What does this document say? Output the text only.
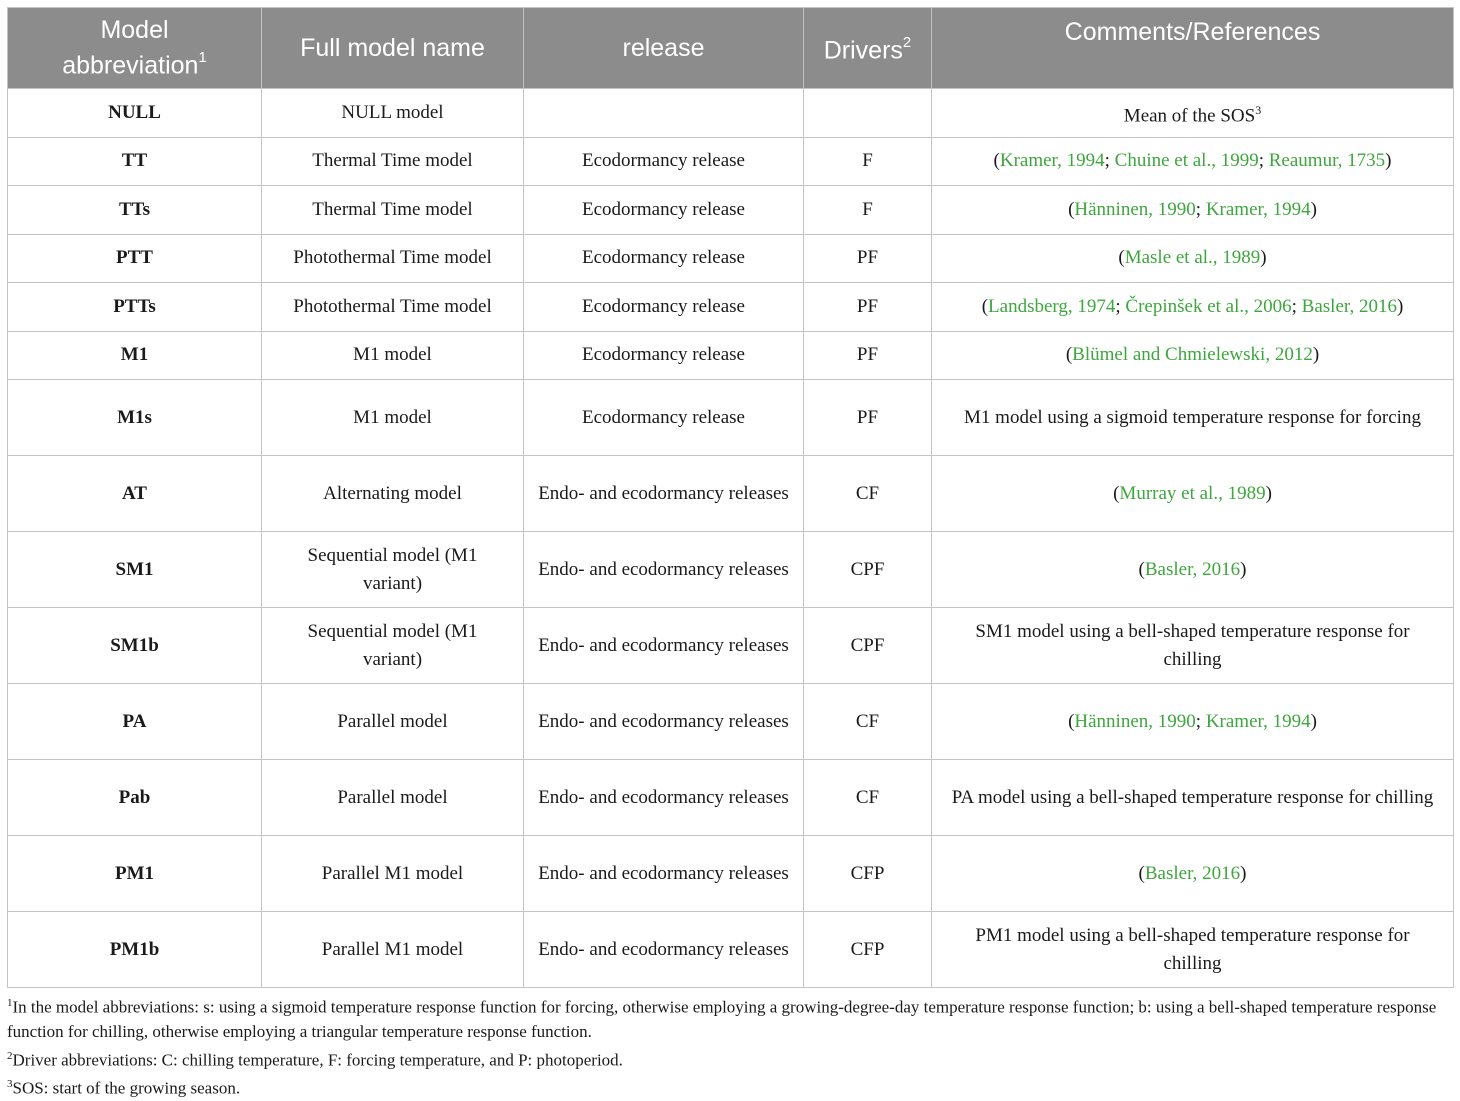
Model
abbreviation$^1$	Full model name	release	Drivers$^2$	Comments/References
NULL	NULL model			Mean of the SOS$^3$
TT	Thermal Time model	Ecodormancy release	F	(Kramer, 1994; Chuine et al., 1999; Reaumur, 1735)
TTs	Thermal Time model	Ecodormancy release	F	(Hänninen, 1990; Kramer, 1994)
PTT	Photothermal Time model	Ecodormancy release	PF	(Masle et al., 1989)
PTTs	Photothermal Time model	Ecodormancy release	PF	(Landsberg, 1974; Črepinšek et al., 2006; Basler, 2016)
M1	M1 model	Ecodormancy release	PF	(Blümel and Chmielewski, 2012)
M1s	M1 model	Ecodormancy release	PF	M1 model using a sigmoid temperature response for forcing
AT	Alternating model	Endo- and ecodormancy releases	CF	(Murray et al., 1989)
SM1	Sequential model (M1 variant)	Endo- and ecodormancy releases	CPF	(Basler, 2016)
SM1b	Sequential model (M1 variant)	Endo- and ecodormancy releases	CPF	SM1 model using a bell-shaped temperature response for chilling
PA	Parallel model	Endo- and ecodormancy releases	CF	(Hänninen, 1990; Kramer, 1994)
Pab	Parallel model	Endo- and ecodormancy releases	CF	PA model using a bell-shaped temperature response for chilling
PM1	Parallel M1 model	Endo- and ecodormancy releases	CFP	(Basler, 2016)
PM1b	Parallel M1 model	Endo- and ecodormancy releases	CFP	PM1 model using a bell-shaped temperature response for chilling

$^1$In the model abbreviations: s: using a sigmoid temperature response function for forcing, otherwise employing a growing-degree-day temperature response function; b: using a bell-shaped temperature response function for chilling, otherwise employing a triangular temperature response function.

$^2$Driver abbreviations: C: chilling temperature, F: forcing temperature, and P: photoperiod.

$^3$SOS: start of the growing season.
